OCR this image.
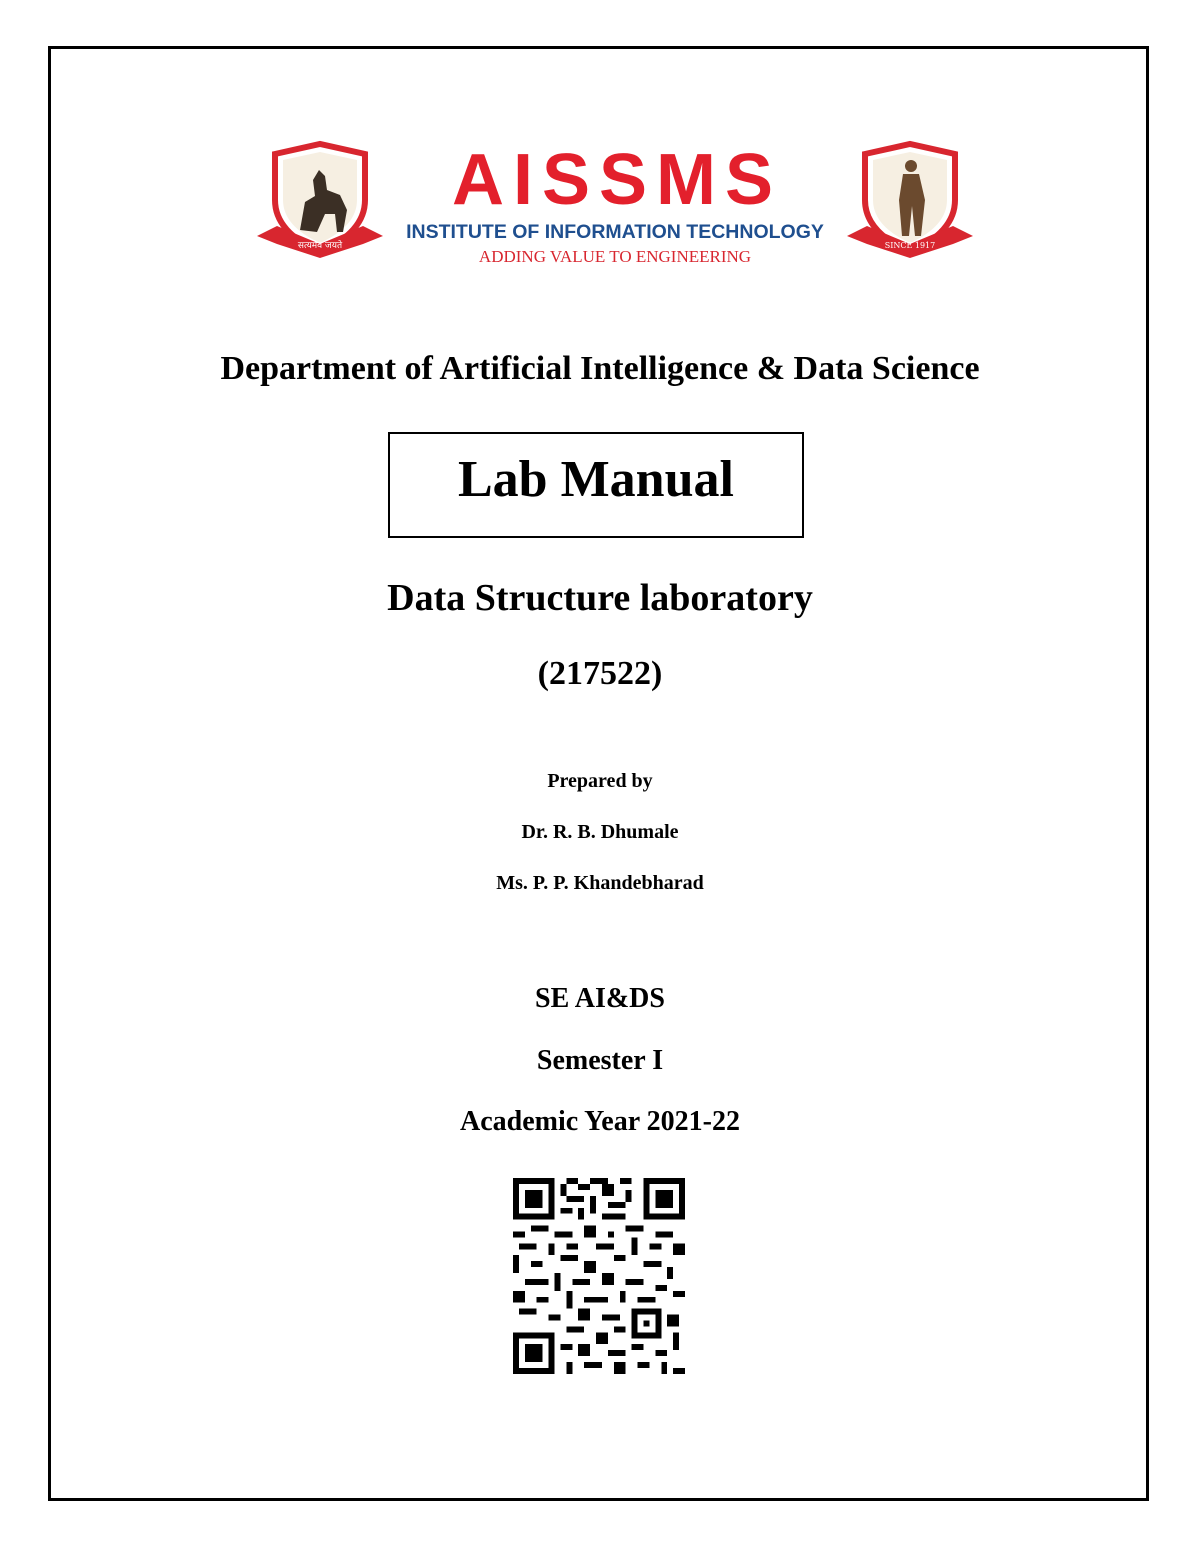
सत्यमेव जयते
AISSMS
INSTITUTE OF INFORMATION TECHNOLOGY
ADDING VALUE TO ENGINEERING
SINCE 1917
Department of Artificial Intelligence & Data Science
Lab Manual
Data Structure laboratory
(217522)
Prepared by
Dr. R. B. Dhumale
Ms. P. P. Khandebharad
SE AI&DS
Semester I
Academic Year 2021-22
